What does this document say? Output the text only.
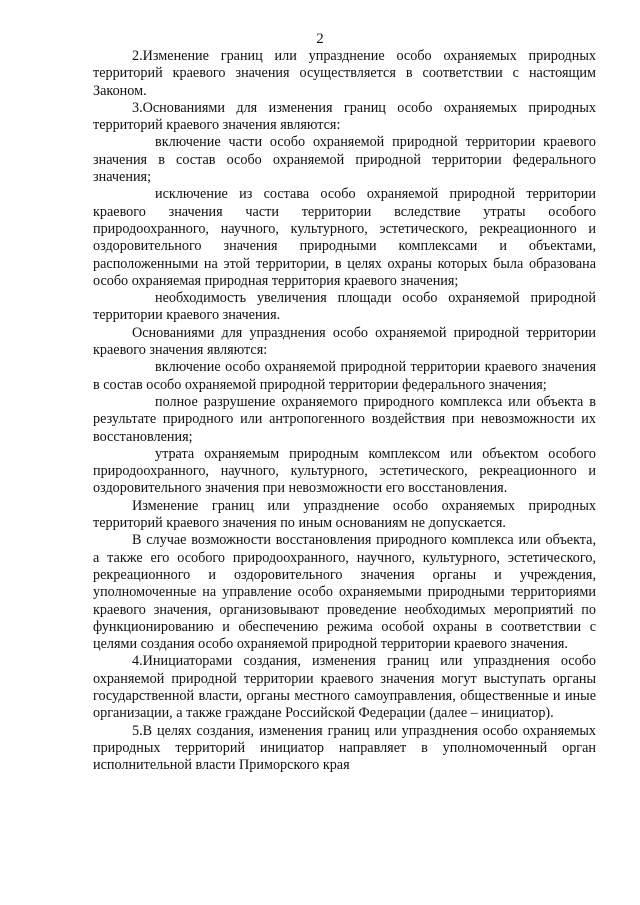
2

2.Изменение границ или упразднение особо охраняемых природных территорий краевого значения осуществляется в соответствии с настоящим Законом.

3.Основаниями для изменения границ особо охраняемых природных территорий краевого значения являются:

включение части особо охраняемой природной территории краевого значения в состав особо охраняемой природной территории федерального значения;

исключение из состава особо охраняемой природной территории краевого значения части территории вследствие утраты особого природоохранного, научного, культурного, эстетического, рекреационного и оздоровительного значения природными комплексами и объектами, расположенными на этой территории, в целях охраны которых была образована особо охраняемая природная территория краевого значения;

необходимость увеличения площади особо охраняемой природной территории краевого значения.

Основаниями для упразднения особо охраняемой природной территории краевого значения являются:

включение особо охраняемой природной территории краевого значения в состав особо охраняемой природной территории федерального значения;

полное разрушение охраняемого природного комплекса или объекта в результате природного или антропогенного воздействия при невозможности их восстановления;

утрата охраняемым природным комплексом или объектом особого природоохранного, научного, культурного, эстетического, рекреационного и оздоровительного значения при невозможности его восстановления.

Изменение границ или упразднение особо охраняемых природных территорий краевого значения по иным основаниям не допускается.

В случае возможности восстановления природного комплекса или объекта, а также его особого природоохранного, научного, культурного, эстетического, рекреационного и оздоровительного значения органы и учреждения, уполномоченные на управление особо охраняемыми природными территориями краевого значения, организовывают проведение необходимых мероприятий по функционированию и обеспечению режима особой охраны в соответствии с целями создания особо охраняемой природной территории краевого значения.

4.Инициаторами создания, изменения границ или упразднения особо охраняемой природной территории краевого значения могут выступать органы государственной власти, органы местного самоуправления, общественные и иные организации, а также граждане Российской Федерации (далее – инициатор).

5.В целях создания, изменения границ или упразднения особо охраняемых природных территорий инициатор направляет в уполномоченный орган исполнительной власти Приморского края
